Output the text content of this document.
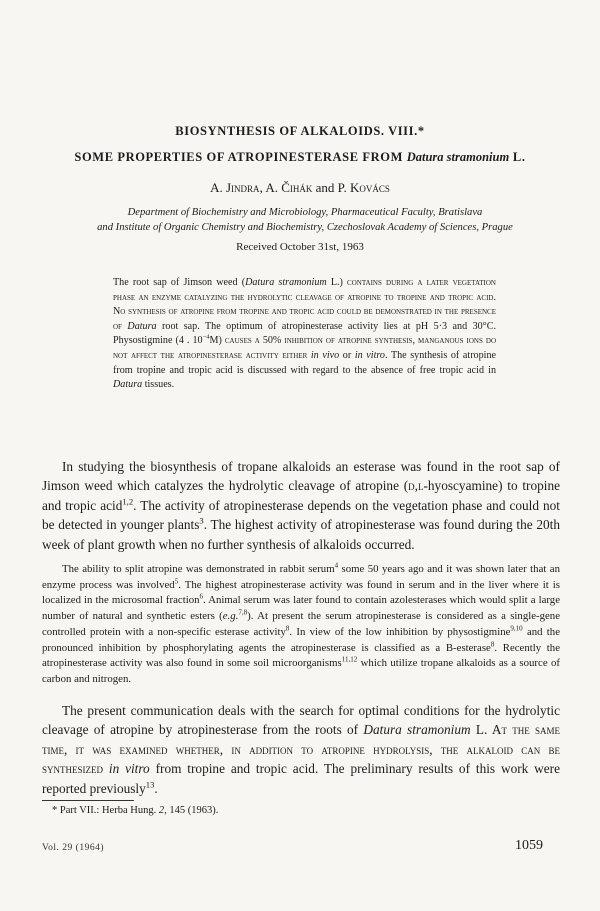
BIOSYNTHESIS OF ALKALOIDS. VIII.*
SOME PROPERTIES OF ATROPINESTERASE FROM Datura stramonium L.
A. Jindra, A. Čihák and P. Kovács
Department of Biochemistry and Microbiology, Pharmaceutical Faculty, Bratislava
and Institute of Organic Chemistry and Biochemistry, Czechoslovak Academy of Sciences, Prague
Received October 31st, 1963
The root sap of Jimson weed (Datura stramonium L.) contains during a later vegetation phase an enzyme catalyzing the hydrolytic cleavage of atropine to tropine and tropic acid. No synthesis of atropine from tropine and tropic acid could be demonstrated in the presence of Datura root sap. The optimum of atropinesterase activity lies at pH 5·3 and 30°C. Physostigmine (4 . $10^{-4}M$) causes a 50% inhibition of atropine synthesis, manganous ions do not affect the atropinesterase activity either in vivo or in vitro. The synthesis of atropine from tropine and tropic acid is discussed with regard to the absence of free tropic acid in Datura tissues.

In studying the biosynthesis of tropane alkaloids an esterase was found in the root sap of Jimson weed which catalyzes the hydrolytic cleavage of atropine (d,l-hyoscyamine) to tropine and tropic acid$^{1,2}$. The activity of atropinesterase depends on the vegetation phase and could not be detected in younger plants$^3$. The highest activity of atropinesterase was found during the 20th week of plant growth when no further synthesis of alkaloids occurred.

The ability to split atropine was demonstrated in rabbit serum$^4$ some 50 years ago and it was shown later that an enzyme process was involved$^5$. The highest atropinesterase activity was found in serum and in the liver where it is localized in the microsomal fraction$^6$. Animal serum was later found to contain azolesterases which would split a large number of natural and synthetic esters (e.g.$^{7,8}$). At present the serum atropinesterase is considered as a single-gene controlled protein with a non-specific esterase activity$^8$. In view of the low inhibition by physostigmine$^{9,10}$ and the pronounced inhibition by phosphorylating agents the atropinesterase is classified as a B-esterase$^8$. Recently the atropinesterase activity was also found in some soil microorganisms$^{11,12}$ which utilize tropane alkaloids as a source of carbon and nitrogen.

The present communication deals with the search for optimal conditions for the hydrolytic cleavage of atropine by atropinesterase from the roots of Datura stramonium L. At the same time, it was examined whether, in addition to atropine hydrolysis, the alkaloid can be synthesized in vitro from tropine and tropic acid. The preliminary results of this work were reported previously$^{13}$.

* Part VII.: Herba Hung. 2, 145 (1963).
Vol. 29 (1964)	1059
